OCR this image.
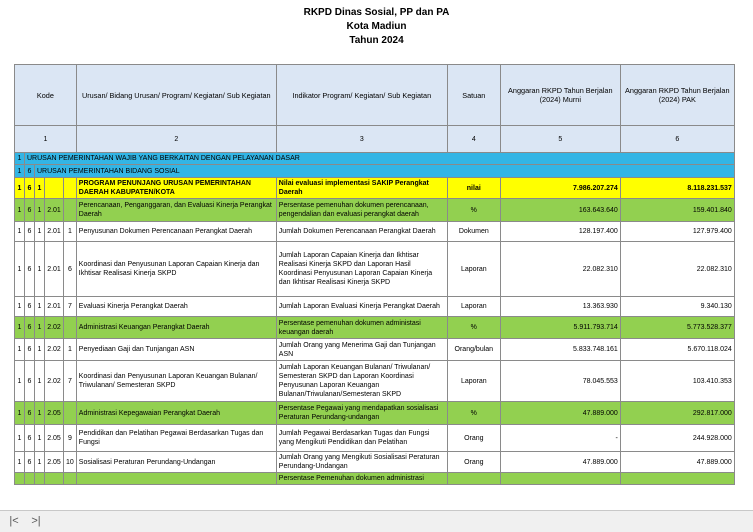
RKPD Dinas Sosial, PP dan PA
Kota Madiun
Tahun 2024
Kode					Urusan/ Bidang Urusan/ Program/ Kegiatan/ Sub Kegiatan	Indikator Program/ Kegiatan/ Sub Kegiatan	Satuan	Anggaran RKPD Tahun Berjalan (2024) Murni	Anggaran RKPD Tahun Berjalan (2024) PAK
1					2	3	4	5	6
1	URUSAN PEMERINTAHAN WAJIB YANG BERKAITAN DENGAN PELAYANAN DASAR								
1	6	URUSAN PEMERINTAHAN BIDANG SOSIAL							
1	6	1			PROGRAM PENUNJANG URUSAN PEMERINTAHAN DAERAH KABUPATEN/KOTA	Nilai evaluasi implementasi SAKIP Perangkat Daerah	nilai	7.986.207.274	8.118.231.537
1	6	1	2.01		Perencanaan, Penganggaran, dan Evaluasi Kinerja Perangkat Daerah	Persentase pemenuhan dokumen perencanaan, pengendalian dan evaluasi perangkat daerah	%	163.643.640	159.401.840
1	6	1	2.01	1	Penyusunan Dokumen Perencanaan Perangkat Daerah	Jumlah Dokumen Perencanaan Perangkat Daerah	Dokumen	128.197.400	127.979.400
1	6	1	2.01	6	Koordinasi dan Penyusunan Laporan Capaian Kinerja dan Ikhtisar Realisasi Kinerja SKPD	Jumlah Laporan Capaian Kinerja dan Ikhtisar Realisasi Kinerja SKPD dan Laporan Hasil Koordinasi Penyusunan Laporan Capaian Kinerja dan Ikhtisar Realisasi Kinerja SKPD	Laporan	22.082.310	22.082.310
1	6	1	2.01	7	Evaluasi Kinerja Perangkat Daerah	Jumlah Laporan Evaluasi Kinerja Perangkat Daerah	Laporan	13.363.930	9.340.130
1	6	1	2.02		Administrasi Keuangan Perangkat Daerah	Persentase pemenuhan dokumen administasi keuangan daerah	%	5.911.793.714	5.773.528.377
1	6	1	2.02	1	Penyediaan Gaji dan Tunjangan ASN	Jumlah Orang yang Menerima Gaji dan Tunjangan ASN	Orang/bulan	5.833.748.161	5.670.118.024
1	6	1	2.02	7	Koordinasi dan Penyusunan Laporan Keuangan Bulanan/ Triwulanan/ Semesteran SKPD	Jumlah Laporan Keuangan Bulanan/ Triwulanan/ Semesteran SKPD dan Laporan Koordinasi Penyusunan Laporan Keuangan Bulanan/Triwulanan/Semesteran SKPD	Laporan	78.045.553	103.410.353
1	6	1	2.05		Administrasi Kepegawaian Perangkat Daerah	Persentase Pegawai yang mendapatkan sosialisasi Peraturan Perundang-undangan	%	47.889.000	292.817.000
1	6	1	2.05	9	Pendidikan dan Pelatihan Pegawai Berdasarkan Tugas dan Fungsi	Jumlah Pegawai Berdasarkan Tugas dan Fungsi yang Mengikuti Pendidikan dan Pelatihan	Orang	-	244.928.000
1	6	1	2.05	10	Sosialisasi Peraturan Perundang-Undangan	Jumlah Orang yang Mengikuti Sosialisasi Peraturan Perundang-Undangan	Orang	47.889.000	47.889.000
						Persentase Pemenuhan dokumen administrasi			
|<	>|
